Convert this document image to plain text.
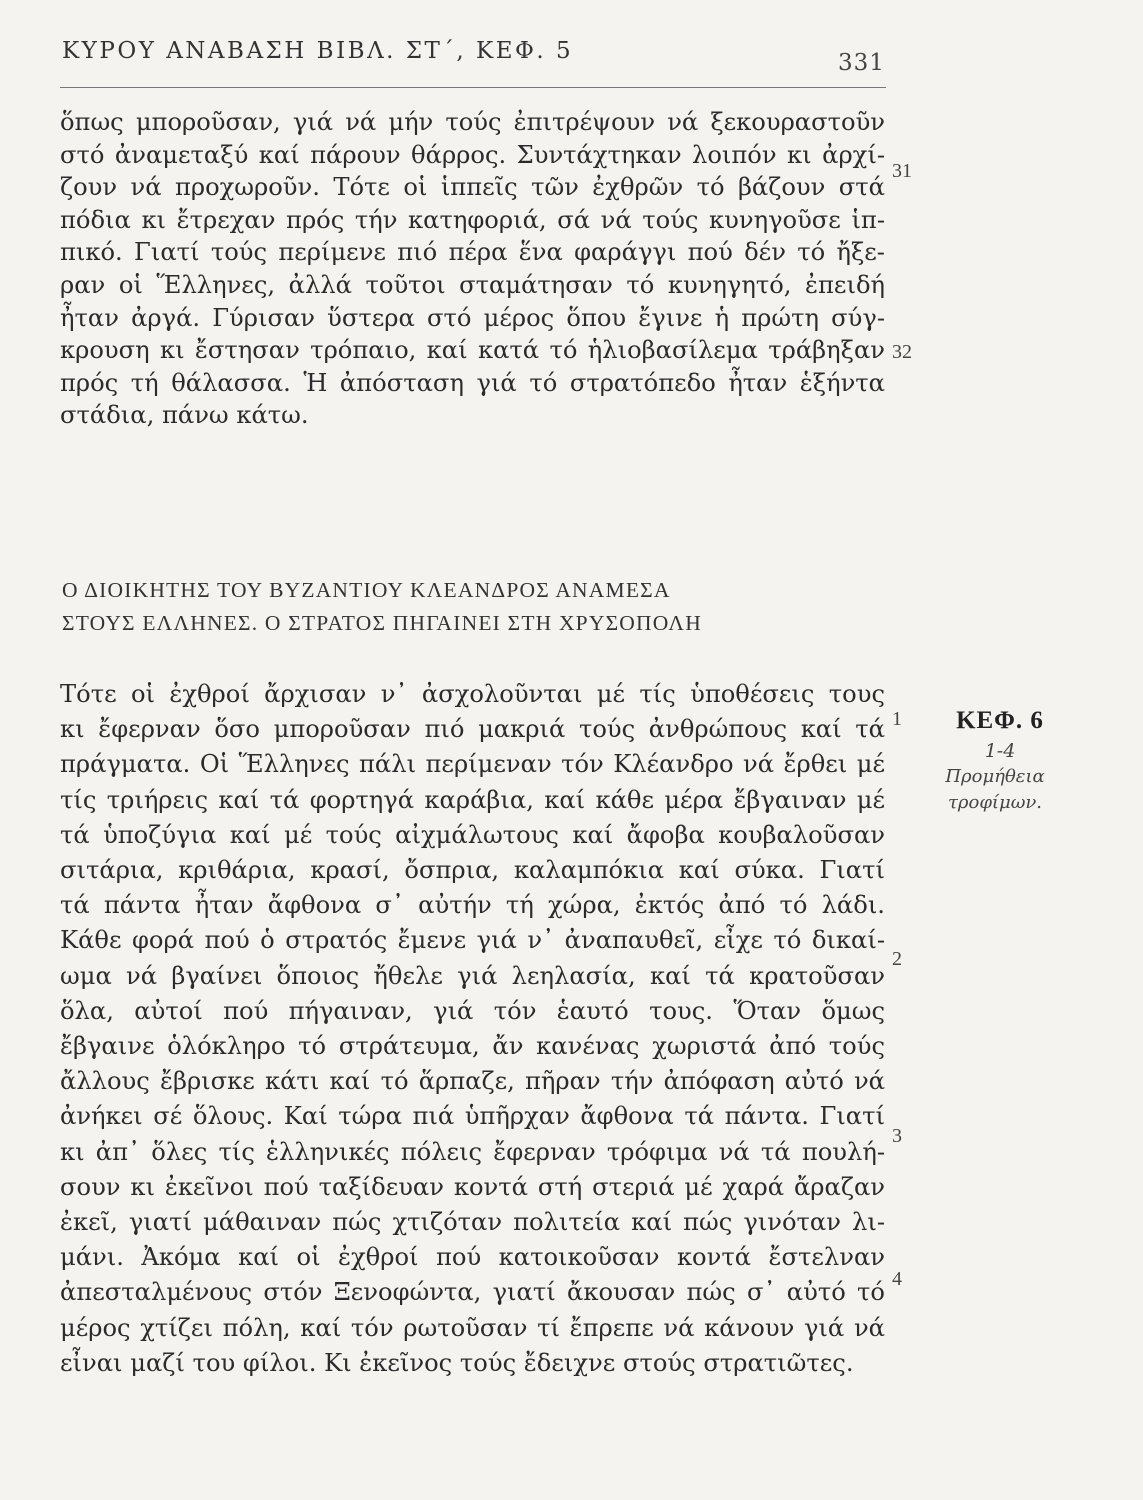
ΚΥΡΟΥ ΑΝΑΒΑΣΗ ΒΙΒΛ. ΣΤ΄, ΚΕΦ. 5	331
ὅπως μποροῦσαν, γιά νά μήν τούς ἐπιτρέψουν νά ξεκουραστοῦν
στό ἀναμεταξύ καί πάρουν θάρρος. Συντάχτηκαν λοιπόν κι ἀρχί-
ζουν νά προχωροῦν. Τότε οἱ ἱππεῖς τῶν ἐχθρῶν τό βάζουν στά
πόδια κι ἔτρεχαν πρός τήν κατηφοριά, σά νά τούς κυνηγοῦσε ἱπ-
πικό. Γιατί τούς περίμενε πιό πέρα ἕνα φαράγγι πού δέν τό ἤξε-
ραν οἱ Ἕλληνες, ἀλλά τοῦτοι σταμάτησαν τό κυνηγητό, ἐπειδή
ἦταν ἀργά. Γύρισαν ὕστερα στό μέρος ὅπου ἔγινε ἡ πρώτη σύγ-
κρουση κι ἔστησαν τρόπαιο, καί κατά τό ἡλιοβασίλεμα τράβηξαν
πρός τή θάλασσα. Ἡ ἀπόσταση γιά τό στρατόπεδο ἦταν ἑξήντα
στάδια, πάνω κάτω.
31
32
Ο ΔΙΟΙΚΗΤΗΣ ΤΟΥ ΒΥΖΑΝΤΙΟΥ ΚΛΕΑΝΔΡΟΣ ΑΝΑΜΕΣΑ
ΣΤΟΥΣ ΕΛΛΗΝΕΣ. Ο ΣΤΡΑΤΟΣ ΠΗΓΑΙΝΕΙ ΣΤΗ ΧΡΥΣΟΠΟΛΗ
Τότε οἱ ἐχθροί ἄρχισαν ν᾽ ἀσχολοῦνται μέ τίς ὑποθέσεις τους
κι ἔφερναν ὅσο μποροῦσαν πιό μακριά τούς ἀνθρώπους καί τά
πράγματα. Οἱ Ἕλληνες πάλι περίμεναν τόν Κλέανδρο νά ἔρθει μέ
τίς τριήρεις καί τά φορτηγά καράβια, καί κάθε μέρα ἔβγαιναν μέ
τά ὑποζύγια καί μέ τούς αἰχμάλωτους καί ἄφοβα κουβαλοῦσαν
σιτάρια, κριθάρια, κρασί, ὄσπρια, καλαμπόκια καί σύκα. Γιατί
τά πάντα ἦταν ἄφθονα σ᾽ αὐτήν τή χώρα, ἐκτός ἀπό τό λάδι.
Κάθε φορά πού ὁ στρατός ἔμενε γιά ν᾽ ἀναπαυθεῖ, εἶχε τό δικαί-
ωμα νά βγαίνει ὅποιος ἤθελε γιά λεηλασία, καί τά κρατοῦσαν
ὅλα, αὐτοί πού πήγαιναν, γιά τόν ἑαυτό τους. Ὅταν ὅμως
ἔβγαινε ὁλόκληρο τό στράτευμα, ἄν κανένας χωριστά ἀπό τούς
ἄλλους ἔβρισκε κάτι καί τό ἅρπαζε, πῆραν τήν ἀπόφαση αὐτό νά
ἀνήκει σέ ὅλους. Καί τώρα πιά ὑπῆρχαν ἄφθονα τά πάντα. Γιατί
κι ἀπ᾽ ὅλες τίς ἑλληνικές πόλεις ἔφερναν τρόφιμα νά τά πουλή-
σουν κι ἐκεῖνοι πού ταξίδευαν κοντά στή στεριά μέ χαρά ἄραζαν
ἐκεῖ, γιατί μάθαιναν πώς χτιζόταν πολιτεία καί πώς γινόταν λι-
μάνι. Ἀκόμα καί οἱ ἐχθροί πού κατοικοῦσαν κοντά ἔστελναν
ἀπεσταλμένους στόν Ξενοφώντα, γιατί ἄκουσαν πώς σ᾽ αὐτό τό
μέρος χτίζει πόλη, καί τόν ρωτοῦσαν τί ἔπρεπε νά κάνουν γιά νά
εἶναι μαζί του φίλοι. Κι ἐκεῖνος τούς ἔδειχνε στούς στρατιῶτες.
1
2
3
4
ΚΕΦ. 6
1-4
Προμήθεια
τροφίμων.
